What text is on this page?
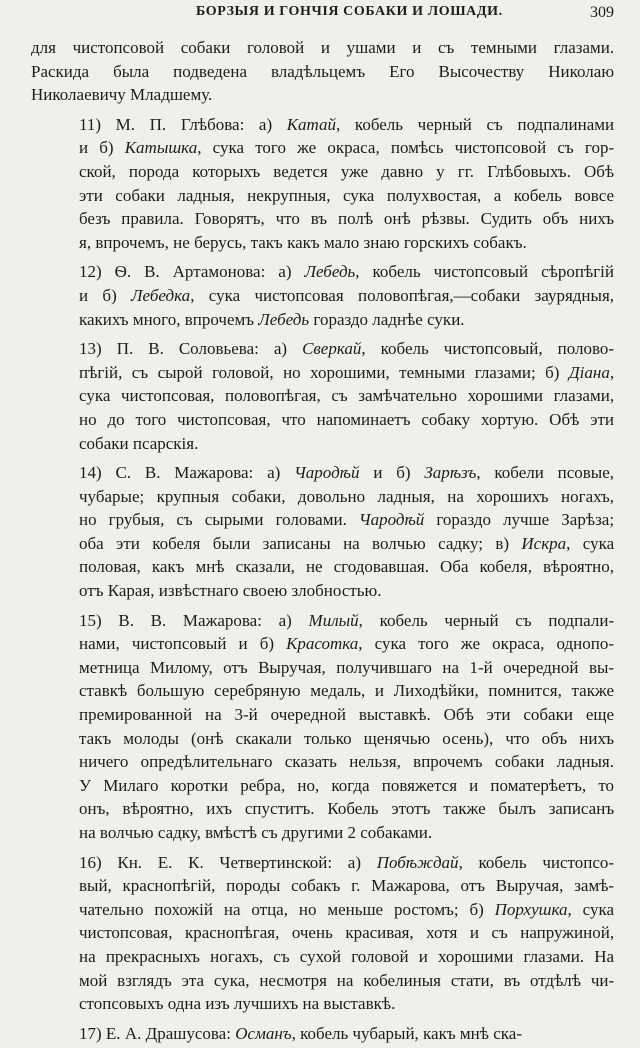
БОРЗЫЯ И ГОНЧІЯ СОБАКИ И ЛОШАДИ.	309
для чистопсовой собаки головой и ушами и съ темными глазами.
Раскида была подведена владѣльцемъ Его Высочеству Николаю
Николаевичу Младшему.
11) М. П. Глѣбова: а) Катай, кобель черный съ подпалинами
и б) Катышка, сука того же окраса, помѣсь чистопсовой съ гор-
ской, порода которыхъ ведется уже давно у гг. Глѣбовыхъ. Обѣ
эти собаки ладныя, некрупныя, сука полухвостая, а кобель вовсе
безъ правила. Говорятъ, что въ полѣ онѣ рѣзвы. Судить объ нихъ
я, впрочемъ, не берусь, такъ какъ мало знаю горскихъ собакъ.
12) Ѳ. В. Артамонова: а) Лебедь, кобель чистопсовый сѣропѣгій
и б) Лебедка, сука чистопсовая половопѣгая,—собаки заурядныя,
какихъ много, впрочемъ Лебедь гораздо ладнѣе суки.
13) П. В. Соловьева: а) Сверкай, кобель чистопсовый, полово-
пѣгій, съ сырой головой, но хорошими, темными глазами; б) Діана,
сука чистопсовая, половопѣгая, съ замѣчательно хорошими глазами,
но до того чистопсовая, что напоминаетъ собаку хортую. Обѣ эти
собаки псарскія.
14) С. В. Мажарова: а) Чародѣй и б) Зарѣзъ, кобели псовые,
чубарые; крупныя собаки, довольно ладныя, на хорошихъ ногахъ,
но грубыя, съ сырыми головами. Чародѣй гораздо лучше Зарѣза;
оба эти кобеля были записаны на волчью садку; в) Искра, сука
половая, какъ мнѣ сказали, не сгодовавшая. Оба кобеля, вѣроятно,
отъ Карая, извѣстнаго своею злобностью.
15) В. В. Мажарова: а) Милый, кобель черный съ подпали-
нами, чистопсовый и б) Красотка, сука того же окраса, однопо-
метница Милому, отъ Выручая, получившаго на 1-й очередной вы-
ставкѣ большую серебряную медаль, и Лиходѣйки, помнится, также
премированной на 3-й очередной выставкѣ. Обѣ эти собаки еще
такъ молоды (онѣ скакали только щенячью осень), что объ нихъ
ничего опредѣлительнаго сказать нельзя, впрочемъ собаки ладныя.
У Милаго коротки ребра, но, когда повяжется и поматерѣетъ, то
онъ, вѣроятно, ихъ спуститъ. Кобель этотъ также былъ записанъ
на волчью садку, вмѣстѣ съ другими 2 собаками.
16) Кн. Е. К. Четвертинской: а) Побѣждай, кобель чистопсо-
вый, краснопѣгій, породы собакъ г. Мажарова, отъ Выручая, замѣ-
чательно похожій на отца, но меньше ростомъ; б) Порхушка, сука
чистопсовая, краснопѣгая, очень красивая, хотя и съ напружиной,
на прекрасныхъ ногахъ, съ сухой головой и хорошими глазами. На
мой взглядъ эта сука, несмотря на кобелиныя стати, въ отдѣлѣ чи-
стопсовыхъ одна изъ лучшихъ на выставкѣ.
17) Е. А. Драшусова: Османъ, кобель чубарый, какъ мнѣ ска-
